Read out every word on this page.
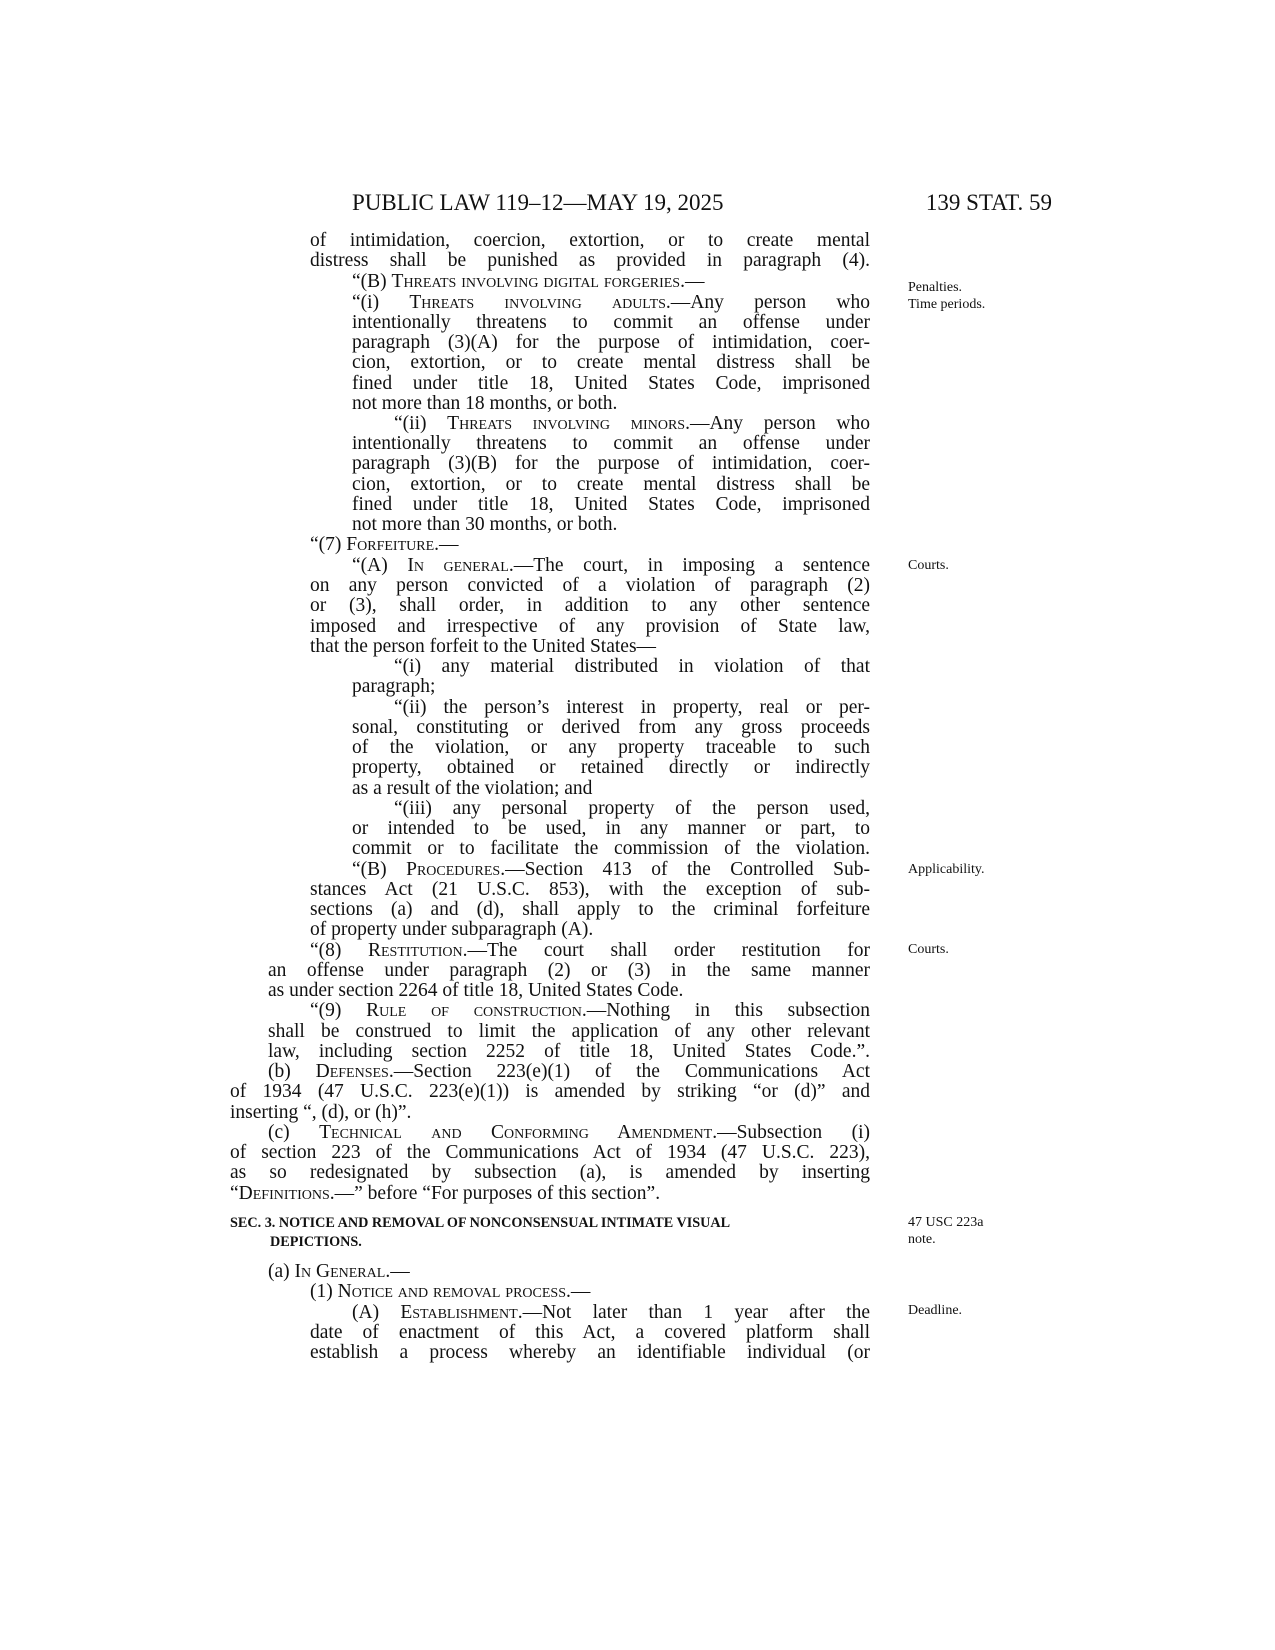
PUBLIC LAW 119–12—MAY 19, 2025	139 STAT. 59
of intimidation, coercion, extortion, or to create mental
distress shall be punished as provided in paragraph (4).
“(B) Threats involving digital forgeries.—
“(i) Threats involving adults.—Any person who
intentionally threatens to commit an offense under
paragraph (3)(A) for the purpose of intimidation, coer-
cion, extortion, or to create mental distress shall be
fined under title 18, United States Code, imprisoned
not more than 18 months, or both.
“(ii) Threats involving minors.—Any person who
intentionally threatens to commit an offense under
paragraph (3)(B) for the purpose of intimidation, coer-
cion, extortion, or to create mental distress shall be
fined under title 18, United States Code, imprisoned
not more than 30 months, or both.
“(7) Forfeiture.—
“(A) In general.—The court, in imposing a sentence
on any person convicted of a violation of paragraph (2)
or (3), shall order, in addition to any other sentence
imposed and irrespective of any provision of State law,
that the person forfeit to the United States—
“(i) any material distributed in violation of that
paragraph;
“(ii) the person’s interest in property, real or per-
sonal, constituting or derived from any gross proceeds
of the violation, or any property traceable to such
property, obtained or retained directly or indirectly
as a result of the violation; and
“(iii) any personal property of the person used,
or intended to be used, in any manner or part, to
commit or to facilitate the commission of the violation.
“(B) Procedures.—Section 413 of the Controlled Sub-
stances Act (21 U.S.C. 853), with the exception of sub-
sections (a) and (d), shall apply to the criminal forfeiture
of property under subparagraph (A).
“(8) Restitution.—The court shall order restitution for
an offense under paragraph (2) or (3) in the same manner
as under section 2264 of title 18, United States Code.
“(9) Rule of construction.—Nothing in this subsection
shall be construed to limit the application of any other relevant
law, including section 2252 of title 18, United States Code.”.
(b) Defenses.—Section 223(e)(1) of the Communications Act
of 1934 (47 U.S.C. 223(e)(1)) is amended by striking “or (d)” and
inserting “, (d), or (h)”.
(c) Technical and Conforming Amendment.—Subsection (i)
of section 223 of the Communications Act of 1934 (47 U.S.C. 223),
as so redesignated by subsection (a), is amended by inserting
“Definitions.—” before “For purposes of this section”.
(a) In General.—
(1) Notice and removal process.—
(A) Establishment.—Not later than 1 year after the
date of enactment of this Act, a covered platform shall
establish a process whereby an identifiable individual (or
Penalties.
Time periods.
Courts.
Applicability.
Courts.
47 USC 223a
note.
Deadline.
SEC. 3. NOTICE AND REMOVAL OF NONCONSENSUAL INTIMATE VISUAL
DEPICTIONS.
